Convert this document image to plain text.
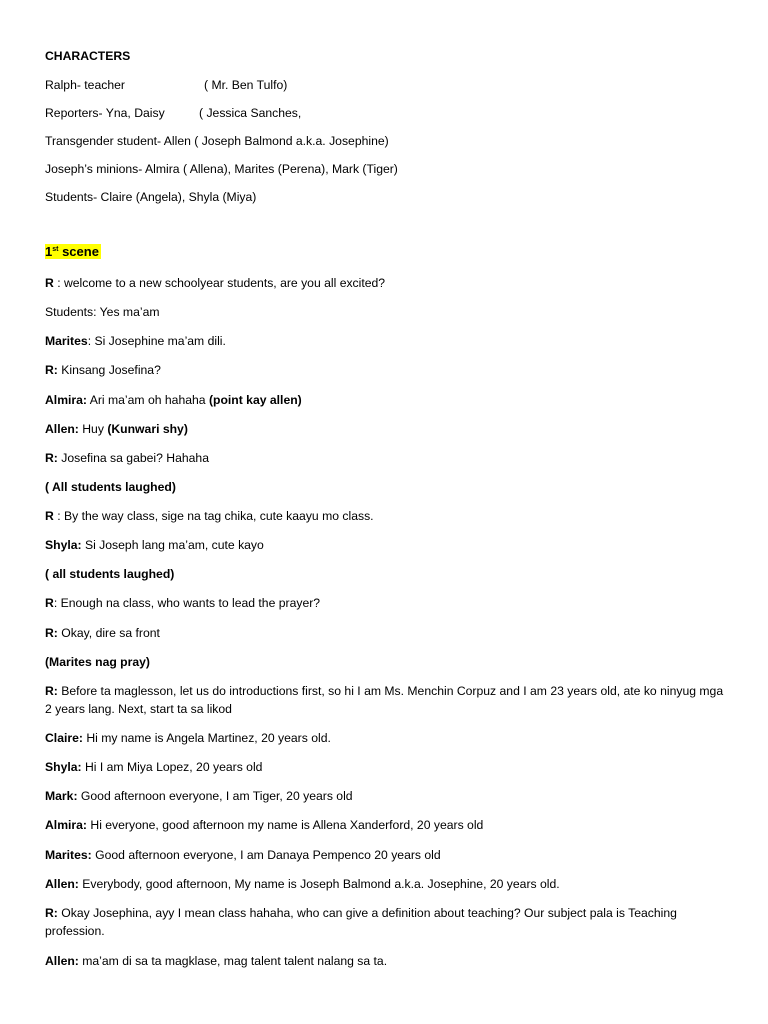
CHARACTERS
Ralph- teacher	( Mr. Ben Tulfo)
Reporters- Yna, Daisy	( Jessica Sanches,
Transgender student- Allen ( Joseph Balmond a.k.a. Josephine)
Joseph’s minions- Almira ( Allena), Marites (Perena), Mark (Tiger)
Students- Claire (Angela), Shyla (Miya)
1st scene
R : welcome to a new schoolyear students, are you all excited?
Students: Yes ma’am
Marites: Si Josephine ma’am dili.
R: Kinsang Josefina?
Almira: Ari ma’am oh hahaha (point kay allen)
Allen: Huy (Kunwari shy)
R: Josefina sa gabei? Hahaha
( All students laughed)
R : By the way class, sige na tag chika, cute kaayu mo class.
Shyla: Si Joseph lang ma’am, cute kayo
( all students laughed)
R: Enough na class, who wants to lead the prayer?
R: Okay, dire sa front
(Marites nag pray)
R: Before ta maglesson, let us do introductions first, so hi I am Ms. Menchin Corpuz and I am 23 years old, ate ko ninyug mga 2 years lang. Next, start ta sa likod
Claire: Hi my name is Angela Martinez, 20 years old.
Shyla: Hi I am Miya Lopez, 20 years old
Mark: Good afternoon everyone, I am Tiger, 20 years old
Almira: Hi everyone, good afternoon my name is Allena Xanderford, 20 years old
Marites: Good afternoon everyone, I am Danaya Pempenco 20 years old
Allen: Everybody, good afternoon, My name is Joseph Balmond a.k.a. Josephine, 20 years old.
R: Okay Josephina, ayy I mean class hahaha, who can give a definition about teaching? Our subject pala is Teaching profession.
Allen: ma’am di sa ta magklase, mag talent talent nalang sa ta.
